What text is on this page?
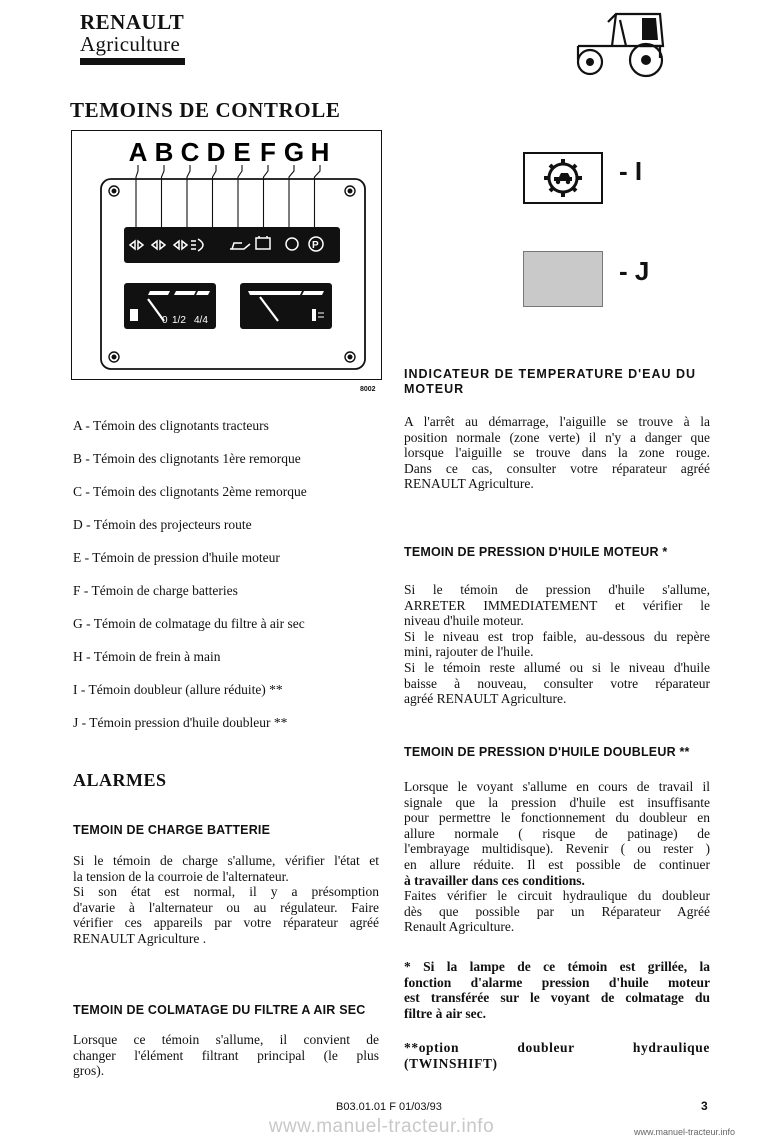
RENAULT
Agriculture
TEMOINS DE CONTROLE
A B C D E F G H
P
0 1/2 4/4
8002
- I
- J
A - Témoin des clignotants tracteurs
B - Témoin des clignotants 1ère remorque
C - Témoin des clignotants 2ème remorque
D - Témoin des projecteurs route
E - Témoin de pression d'huile moteur
F - Témoin de charge batteries
G - Témoin de colmatage du filtre à air sec
H - Témoin de frein à main
I - Témoin doubleur (allure réduite) **
J - Témoin pression d'huile doubleur **
ALARMES
TEMOIN DE CHARGE BATTERIE
Si le témoin de charge s'allume, vérifier l'état et
la tension de la courroie de l'alternateur.
Si son état est normal, il y a présomption
d'avarie à l'alternateur ou au régulateur. Faire
vérifier ces appareils par votre réparateur agréé
RENAULT Agriculture .
TEMOIN DE COLMATAGE DU FILTRE A AIR SEC
Lorsque ce témoin s'allume, il convient de
changer l'élément filtrant principal (le plus
gros).
INDICATEUR DE TEMPERATURE D'EAU DU
MOTEUR
A l'arrêt au démarrage, l'aiguille se trouve à la
position normale (zone verte) il n'y a danger que
lorsque l'aiguille se trouve dans la zone rouge.
Dans ce cas, consulter votre réparateur agréé
RENAULT Agriculture.
TEMOIN DE PRESSION D'HUILE MOTEUR *
Si le témoin de pression d'huile s'allume,
ARRETER IMMEDIATEMENT et vérifier le
niveau d'huile moteur.
Si le niveau est trop faible, au-dessous du repère
mini, rajouter de l'huile.
Si le témoin reste allumé ou si le niveau d'huile
baisse à nouveau, consulter votre réparateur
agréé RENAULT Agriculture.
TEMOIN DE PRESSION D'HUILE DOUBLEUR **
Lorsque le voyant s'allume en cours de travail il
signale que la pression d'huile est insuffisante
pour permettre le fonctionnement du doubleur en
allure normale ( risque de patinage) de
l'embrayage multidisque). Revenir ( ou rester )
en allure réduite. Il est possible de continuer
à travailler dans ces conditions.
Faites vérifier le circuit hydraulique du doubleur
dès que possible par un Réparateur Agréé
Renault Agriculture.
* Si la lampe de ce témoin est grillée, la
fonction d'alarme pression d'huile moteur
est transférée sur le voyant de colmatage du
filtre à air sec.
**option doubleur hydraulique
(TWINSHIFT)
B03.01.01 F 01/03/93	3
www.manuel-tracteur.info	www.manuel-tracteur.info
